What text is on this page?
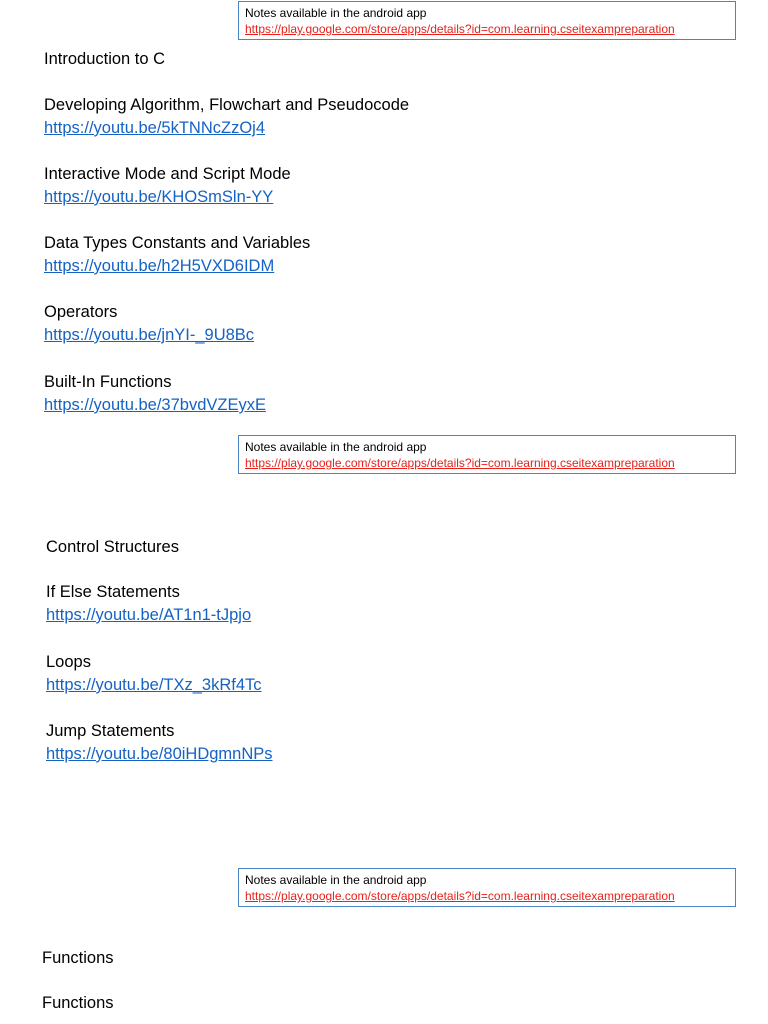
Notes available in the android app
https://play.google.com/store/apps/details?id=com.learning.cseitexampreparation
Introduction to C
Developing Algorithm, Flowchart and Pseudocode
https://youtu.be/5kTNNcZzOj4
Interactive Mode and Script Mode
https://youtu.be/KHOSmSln-YY
Data Types Constants and Variables
https://youtu.be/h2H5VXD6IDM
Operators
https://youtu.be/jnYI-_9U8Bc
Built-In Functions
https://youtu.be/37bvdVZEyxE
Notes available in the android app
https://play.google.com/store/apps/details?id=com.learning.cseitexampreparation
Control Structures
If Else Statements
https://youtu.be/AT1n1-tJpjo
Loops
https://youtu.be/TXz_3kRf4Tc
Jump Statements
https://youtu.be/80iHDgmnNPs
Notes available in the android app
https://play.google.com/store/apps/details?id=com.learning.cseitexampreparation
Functions
Functions
